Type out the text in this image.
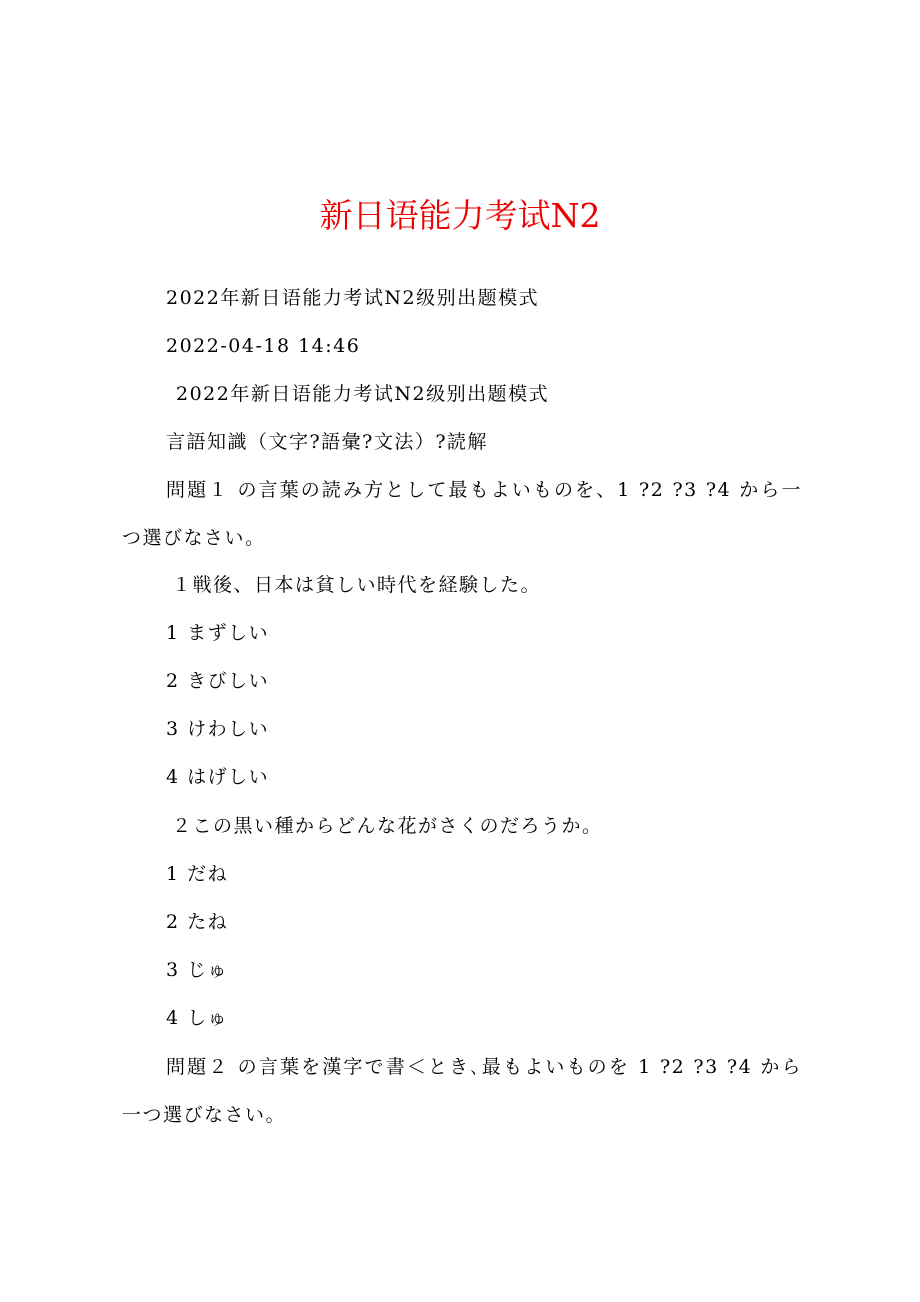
新日语能力考试N2
2022年新日语能力考试N2级别出题模式
2022-04-18 14:46
2022年新日语能力考试N2级别出题模式
言語知識（文字?語彙?文法）?読解
問題１ の言葉の読み方として最もよいものを、1 ?2 ?3 ?4 から一つ選びなさい。
１戦後、日本は貧しい時代を経験した。
1 まずしい
2 きびしい
3 けわしい
4 はげしい
２この黒い種からどんな花がさくのだろうか。
1 だね
2 たね
3 じゅ
4 しゅ
問題２ の言葉を漢字で書＜とき､最もよいものを 1 ?2 ?3 ?4 から一つ選びなさい。
